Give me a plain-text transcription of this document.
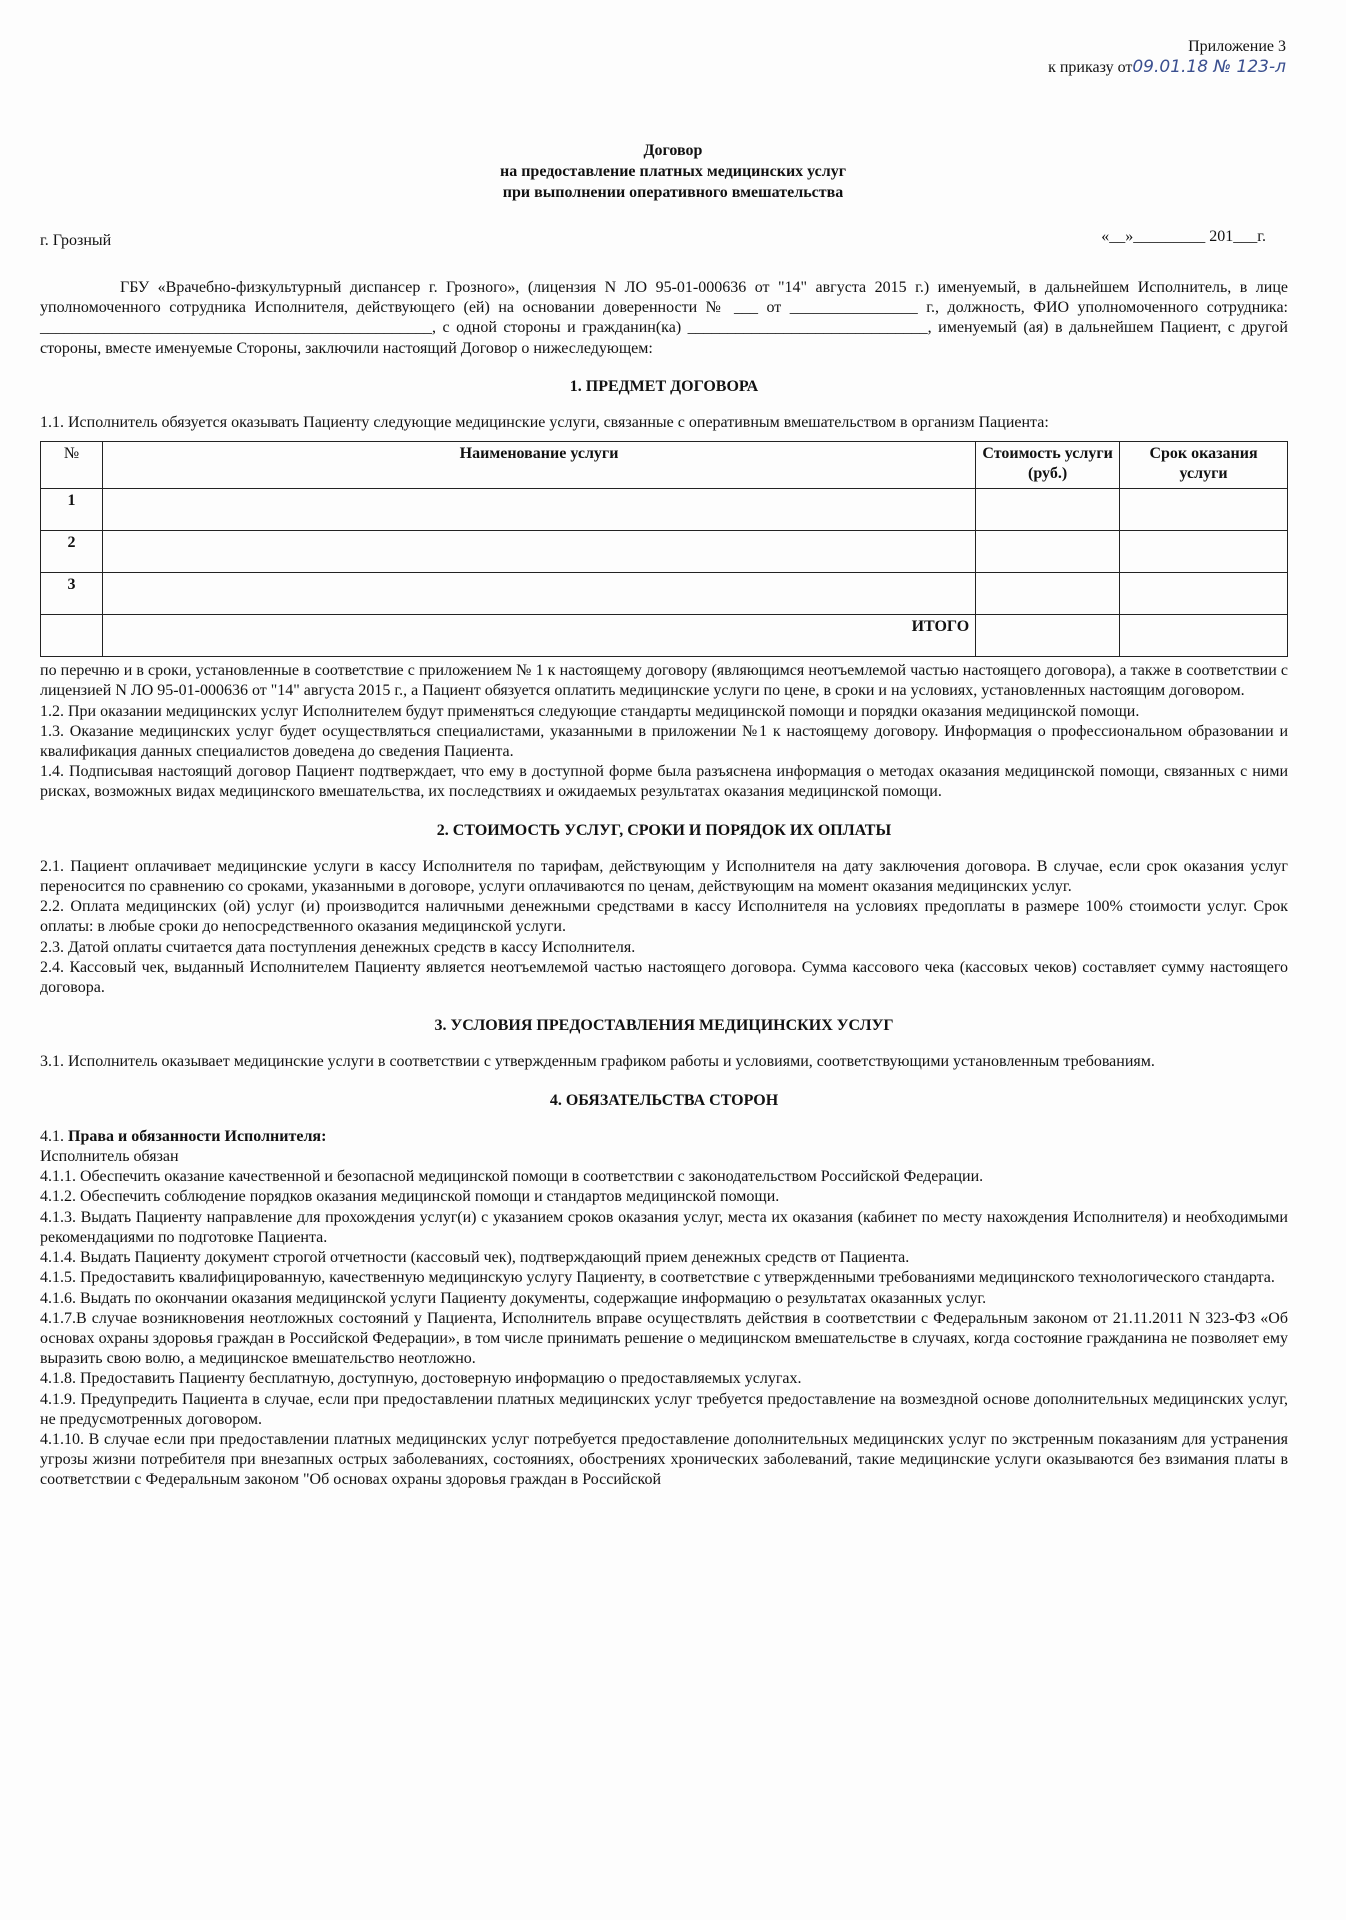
Приложение 3
к приказу от09.01.18 № 123-л
Договор
на предоставление платных медицинских услуг
при выполнении оперативного вмешательства
г. Грозный	«__»_________ 201___г.

ГБУ «Врачебно-физкультурный диспансер г. Грозного», (лицензия N ЛО 95-01-000636 от "14" августа 2015 г.) именуемый, в дальнейшем Исполнитель, в лице уполномоченного сотрудника Исполнителя, действующего (ей) на основании доверенности № ___ от ________________ г., должность, ФИО уполномоченного сотрудника: _________________________________________________, с одной стороны и гражданин(ка) ______________________________, именуемый (ая) в дальнейшем Пациент, с другой стороны, вместе именуемые Стороны, заключили настоящий Договор о нижеследующем:

1. ПРЕДМЕТ ДОГОВОРА

1.1. Исполнитель обязуется оказывать Пациенту следующие медицинские услуги, связанные с оперативным вмешательством в организм Пациента:

№	Наименование услуги	Стоимость услуги (руб.)	Срок оказания услуги
1			
2			
3			
	ИТОГО		

по перечню и в сроки, установленные в соответствие с приложением № 1 к настоящему договору (являющимся неотъемлемой частью настоящего договора), а также в соответствии с лицензией N ЛО 95-01-000636 от "14" августа 2015 г., а Пациент обязуется оплатить медицинские услуги по цене, в сроки и на условиях, установленных настоящим договором.

1.2. При оказании медицинских услуг Исполнителем будут применяться следующие стандарты медицинской помощи и порядки оказания медицинской помощи.

1.3. Оказание медицинских услуг будет осуществляться специалистами, указанными в приложении №1 к настоящему договору. Информация о профессиональном образовании и квалификация данных специалистов доведена до сведения Пациента.

1.4. Подписывая настоящий договор Пациент подтверждает, что ему в доступной форме была разъяснена информация о методах оказания медицинской помощи, связанных с ними рисках, возможных видах медицинского вмешательства, их последствиях и ожидаемых результатах оказания медицинской помощи.

2. СТОИМОСТЬ УСЛУГ, СРОКИ И ПОРЯДОК ИХ ОПЛАТЫ

2.1. Пациент оплачивает медицинские услуги в кассу Исполнителя по тарифам, действующим у Исполнителя на дату заключения договора. В случае, если срок оказания услуг переносится по сравнению со сроками, указанными в договоре, услуги оплачиваются по ценам, действующим на момент оказания медицинских услуг.

2.2. Оплата медицинских (ой) услуг (и) производится наличными денежными средствами в кассу Исполнителя на условиях предоплаты в размере 100% стоимости услуг. Срок оплаты: в любые сроки до непосредственного оказания медицинской услуги.

2.3. Датой оплаты считается дата поступления денежных средств в кассу Исполнителя.

2.4. Кассовый чек, выданный Исполнителем Пациенту является неотъемлемой частью настоящего договора. Сумма кассового чека (кассовых чеков) составляет сумму настоящего договора.

3. УСЛОВИЯ ПРЕДОСТАВЛЕНИЯ МЕДИЦИНСКИХ УСЛУГ

3.1. Исполнитель оказывает медицинские услуги в соответствии с утвержденным графиком работы и условиями, соответствующими установленным требованиям.

4. ОБЯЗАТЕЛЬСТВА СТОРОН

4.1. Права и обязанности Исполнителя:

Исполнитель обязан

4.1.1. Обеспечить оказание качественной и безопасной медицинской помощи в соответствии с законодательством Российской Федерации.

4.1.2. Обеспечить соблюдение порядков оказания медицинской помощи и стандартов медицинской помощи.

4.1.3. Выдать Пациенту направление для прохождения услуг(и) с указанием сроков оказания услуг, места их оказания (кабинет по месту нахождения Исполнителя) и необходимыми рекомендациями по подготовке Пациента.

4.1.4. Выдать Пациенту документ строгой отчетности (кассовый чек), подтверждающий прием денежных средств от Пациента.

4.1.5. Предоставить квалифицированную, качественную медицинскую услугу Пациенту, в соответствие с утвержденными требованиями медицинского технологического стандарта.

4.1.6. Выдать по окончании оказания медицинской услуги Пациенту документы, содержащие информацию о результатах оказанных услуг.

4.1.7.В случае возникновения неотложных состояний у Пациента, Исполнитель вправе осуществлять действия в соответствии с Федеральным законом от 21.11.2011 N 323-ФЗ «Об основах охраны здоровья граждан в Российской Федерации», в том числе принимать решение о медицинском вмешательстве в случаях, когда состояние гражданина не позволяет ему выразить свою волю, а медицинское вмешательство неотложно.

4.1.8. Предоставить Пациенту бесплатную, доступную, достоверную информацию о предоставляемых услугах.

4.1.9. Предупредить Пациента в случае, если при предоставлении платных медицинских услуг требуется предоставление на возмездной основе дополнительных медицинских услуг, не предусмотренных договором.

4.1.10. В случае если при предоставлении платных медицинских услуг потребуется предоставление дополнительных медицинских услуг по экстренным показаниям для устранения угрозы жизни потребителя при внезапных острых заболеваниях, состояниях, обострениях хронических заболеваний, такие медицинские услуги оказываются без взимания платы в соответствии с Федеральным законом "Об основах охраны здоровья граждан в Российской
